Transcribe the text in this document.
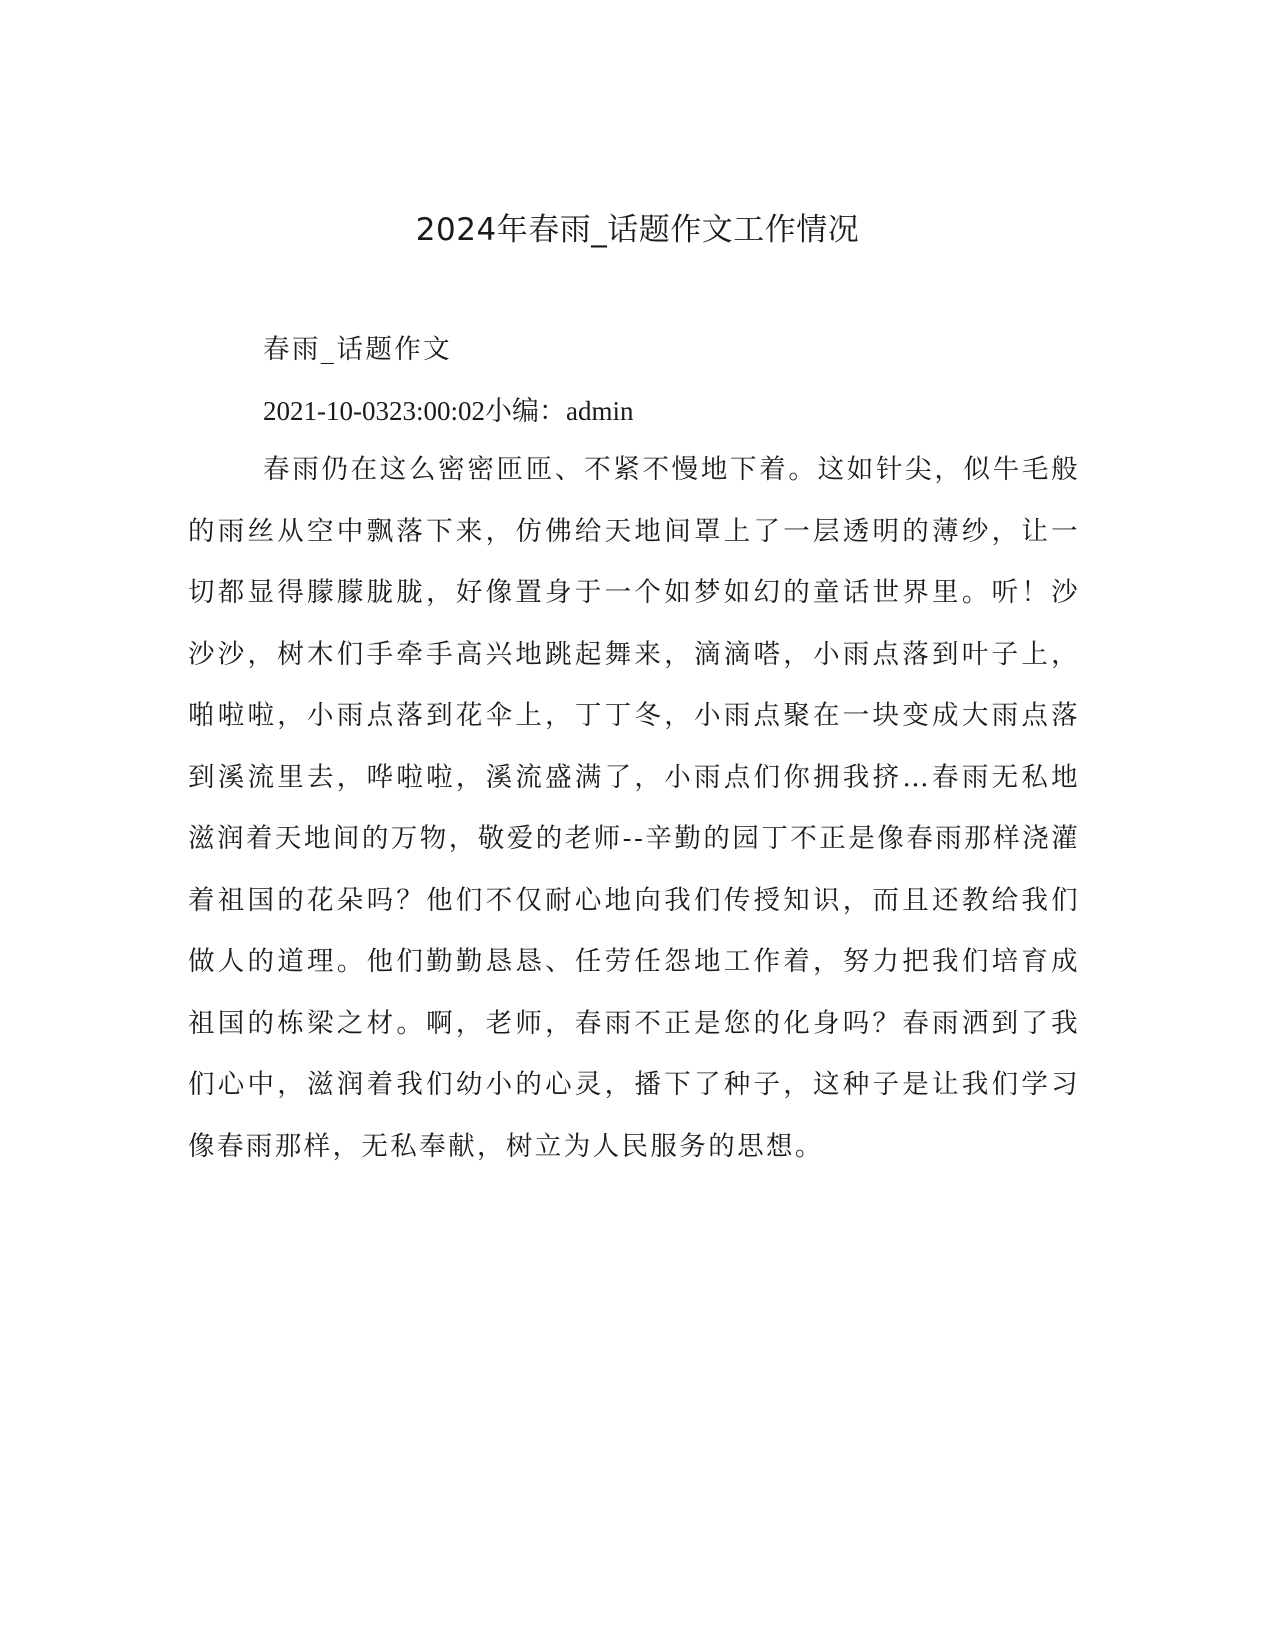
2024年春雨_话题作文工作情况

春雨_话题作文

2021-10-0323:00:02小编：admin

春雨仍在这么密密匝匝、不紧不慢地下着。这如针尖，似牛毛般的雨丝从空中飘落下来，仿佛给天地间罩上了一层透明的薄纱，让一切都显得朦朦胧胧，好像置身于一个如梦如幻的童话世界里。听！沙沙沙，树木们手牵手高兴地跳起舞来，滴滴嗒，小雨点落到叶子上，啪啦啦，小雨点落到花伞上，丁丁冬，小雨点聚在一块变成大雨点落到溪流里去，哗啦啦，溪流盛满了，小雨点们你拥我挤…春雨无私地滋润着天地间的万物，敬爱的老师--辛勤的园丁不正是像春雨那样浇灌着祖国的花朵吗？他们不仅耐心地向我们传授知识，而且还教给我们做人的道理。他们勤勤恳恳、任劳任怨地工作着，努力把我们培育成祖国的栋梁之材。啊，老师，春雨不正是您的化身吗？春雨洒到了我们心中，滋润着我们幼小的心灵，播下了种子，这种子是让我们学习像春雨那样，无私奉献，树立为人民服务的思想。
